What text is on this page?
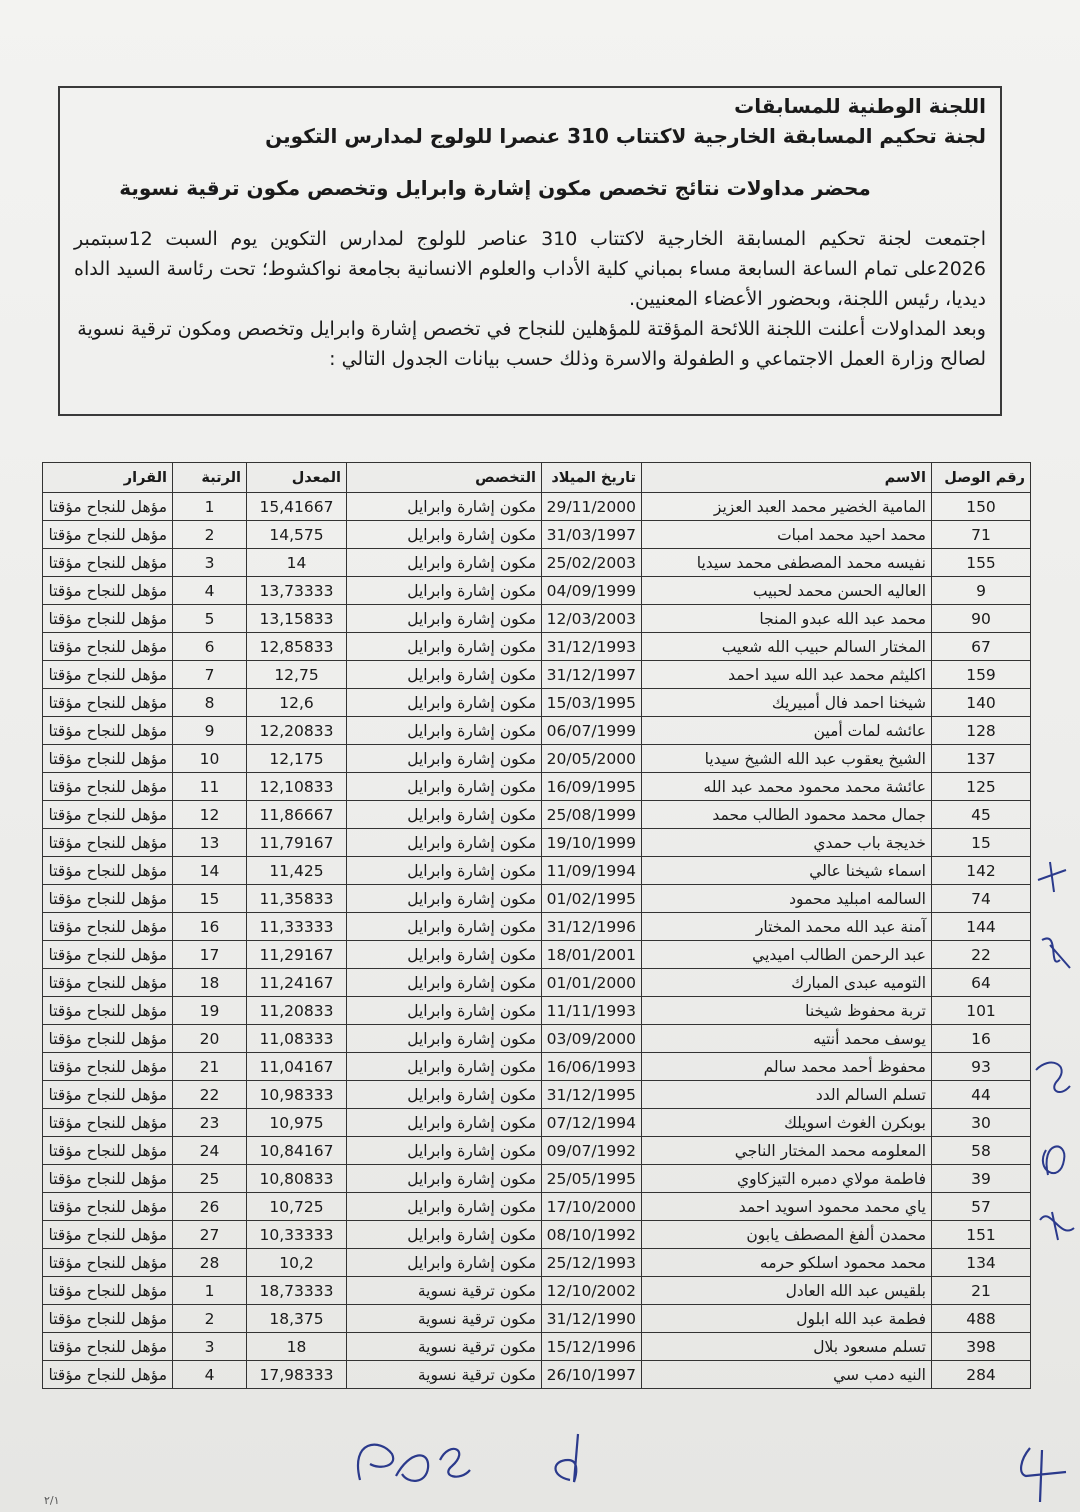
اللجنة الوطنية للمسابقات
لجنة تحكيم المسابقة الخارجية لاكتتاب 310 عنصرا للولوج لمدارس التكوين
محضر مداولات نتائج تخصص مكون إشارة وابرايل وتخصص مكون ترقية نسوية
اجتمعت لجنة تحكيم المسابقة الخارجية لاكتتاب 310 عناصر للولوج لمدارس التكوين يوم السبت 12سبتمبر 2026على تمام الساعة السابعة مساء بمباني كلية الأداب والعلوم الانسانية بجامعة نواكشوط؛ تحت رئاسة السيد الداه ديديا، رئيس اللجنة، وبحضور الأعضاء المعنيين.
وبعد المداولات أعلنت اللجنة اللائحة المؤقتة للمؤهلين للنجاح في تخصص إشارة وابرايل وتخصص ومكون ترقية نسوية لصالح وزارة العمل الاجتماعي و الطفولة والاسرة وذلك حسب بيانات الجدول التالي :
رقم الوصل	الاسم	تاريخ الميلاد	التخصص	المعدل	الرتبة	القرار
150	المامية الخضير محمد العبد العزيز	29/11/2000	مكون إشارة وابرايل	15,41667	1	مؤهل للنجاح مؤقتا
71	محمد احيد محمد امبات	31/03/1997	مكون إشارة وابرايل	14,575	2	مؤهل للنجاح مؤقتا
155	نفيسه محمد المصطفى محمد سيديا	25/02/2003	مكون إشارة وابرايل	14	3	مؤهل للنجاح مؤقتا
9	العاليه الحسن محمد لحبيب	04/09/1999	مكون إشارة وابرايل	13,73333	4	مؤهل للنجاح مؤقتا
90	محمد عبد الله عبدو المنجا	12/03/2003	مكون إشارة وابرايل	13,15833	5	مؤهل للنجاح مؤقتا
67	المختار السالم حبيب الله شعيب	31/12/1993	مكون إشارة وابرايل	12,85833	6	مؤهل للنجاح مؤقتا
159	اكليثم محمد عبد الله سيد احمد	31/12/1997	مكون إشارة وابرايل	12,75	7	مؤهل للنجاح مؤقتا
140	شيخنا احمد فال أمبيريك	15/03/1995	مكون إشارة وابرايل	12,6	8	مؤهل للنجاح مؤقتا
128	عائشه لمات أمين	06/07/1999	مكون إشارة وابرايل	12,20833	9	مؤهل للنجاح مؤقتا
137	الشيخ يعقوب عبد الله الشيخ سيديا	20/05/2000	مكون إشارة وابرايل	12,175	10	مؤهل للنجاح مؤقتا
125	عائشة محمد محمود محمد عبد الله	16/09/1995	مكون إشارة وابرايل	12,10833	11	مؤهل للنجاح مؤقتا
45	جمال محمد محمود الطالب محمد	25/08/1999	مكون إشارة وابرايل	11,86667	12	مؤهل للنجاح مؤقتا
15	خديجة باب حمدي	19/10/1999	مكون إشارة وابرايل	11,79167	13	مؤهل للنجاح مؤقتا
142	اسماء شيخنا عالي	11/09/1994	مكون إشارة وابرايل	11,425	14	مؤهل للنجاح مؤقتا
74	السالمه امبليد محمود	01/02/1995	مكون إشارة وابرايل	11,35833	15	مؤهل للنجاح مؤقتا
144	آمنة عبد الله محمد المختار	31/12/1996	مكون إشارة وابرايل	11,33333	16	مؤهل للنجاح مؤقتا
22	عبد الرحمن الطالب اميديي	18/01/2001	مكون إشارة وابرايل	11,29167	17	مؤهل للنجاح مؤقتا
64	التوميه عبدى المبارك	01/01/2000	مكون إشارة وابرايل	11,24167	18	مؤهل للنجاح مؤقتا
101	تربة محفوظ شيخنا	11/11/1993	مكون إشارة وابرايل	11,20833	19	مؤهل للنجاح مؤقتا
16	يوسف محمد أنتيه	03/09/2000	مكون إشارة وابرايل	11,08333	20	مؤهل للنجاح مؤقتا
93	محفوظ أحمد محمد سالم	16/06/1993	مكون إشارة وابرايل	11,04167	21	مؤهل للنجاح مؤقتا
44	تسلم السالم الدد	31/12/1995	مكون إشارة وابرايل	10,98333	22	مؤهل للنجاح مؤقتا
30	بوبكرن الغوث اسويلك	07/12/1994	مكون إشارة وابرايل	10,975	23	مؤهل للنجاح مؤقتا
58	المعلومه محمد المختار الناجي	09/07/1992	مكون إشارة وابرايل	10,84167	24	مؤهل للنجاح مؤقتا
39	فاطمة مولاي دمبره التيزكاوي	25/05/1995	مكون إشارة وابرايل	10,80833	25	مؤهل للنجاح مؤقتا
57	ياي محمد محمود اسويد احمد	17/10/2000	مكون إشارة وابرايل	10,725	26	مؤهل للنجاح مؤقتا
151	محمدن ألفغ المصطف يابون	08/10/1992	مكون إشارة وابرايل	10,33333	27	مؤهل للنجاح مؤقتا
134	محمد محمود اسلكو حرمه	25/12/1993	مكون إشارة وابرايل	10,2	28	مؤهل للنجاح مؤقتا
21	بلقيس عبد الله العادل	12/10/2002	مكون ترقية نسوية	18,73333	1	مؤهل للنجاح مؤقتا
488	فطمة عبد الله ابلول	31/12/1990	مكون ترقية نسوية	18,375	2	مؤهل للنجاح مؤقتا
398	تسلم مسعود بلال	15/12/1996	مكون ترقية نسوية	18	3	مؤهل للنجاح مؤقتا
284	النيه دمب سي	26/10/1997	مكون ترقية نسوية	17,98333	4	مؤهل للنجاح مؤقتا
٢/١
